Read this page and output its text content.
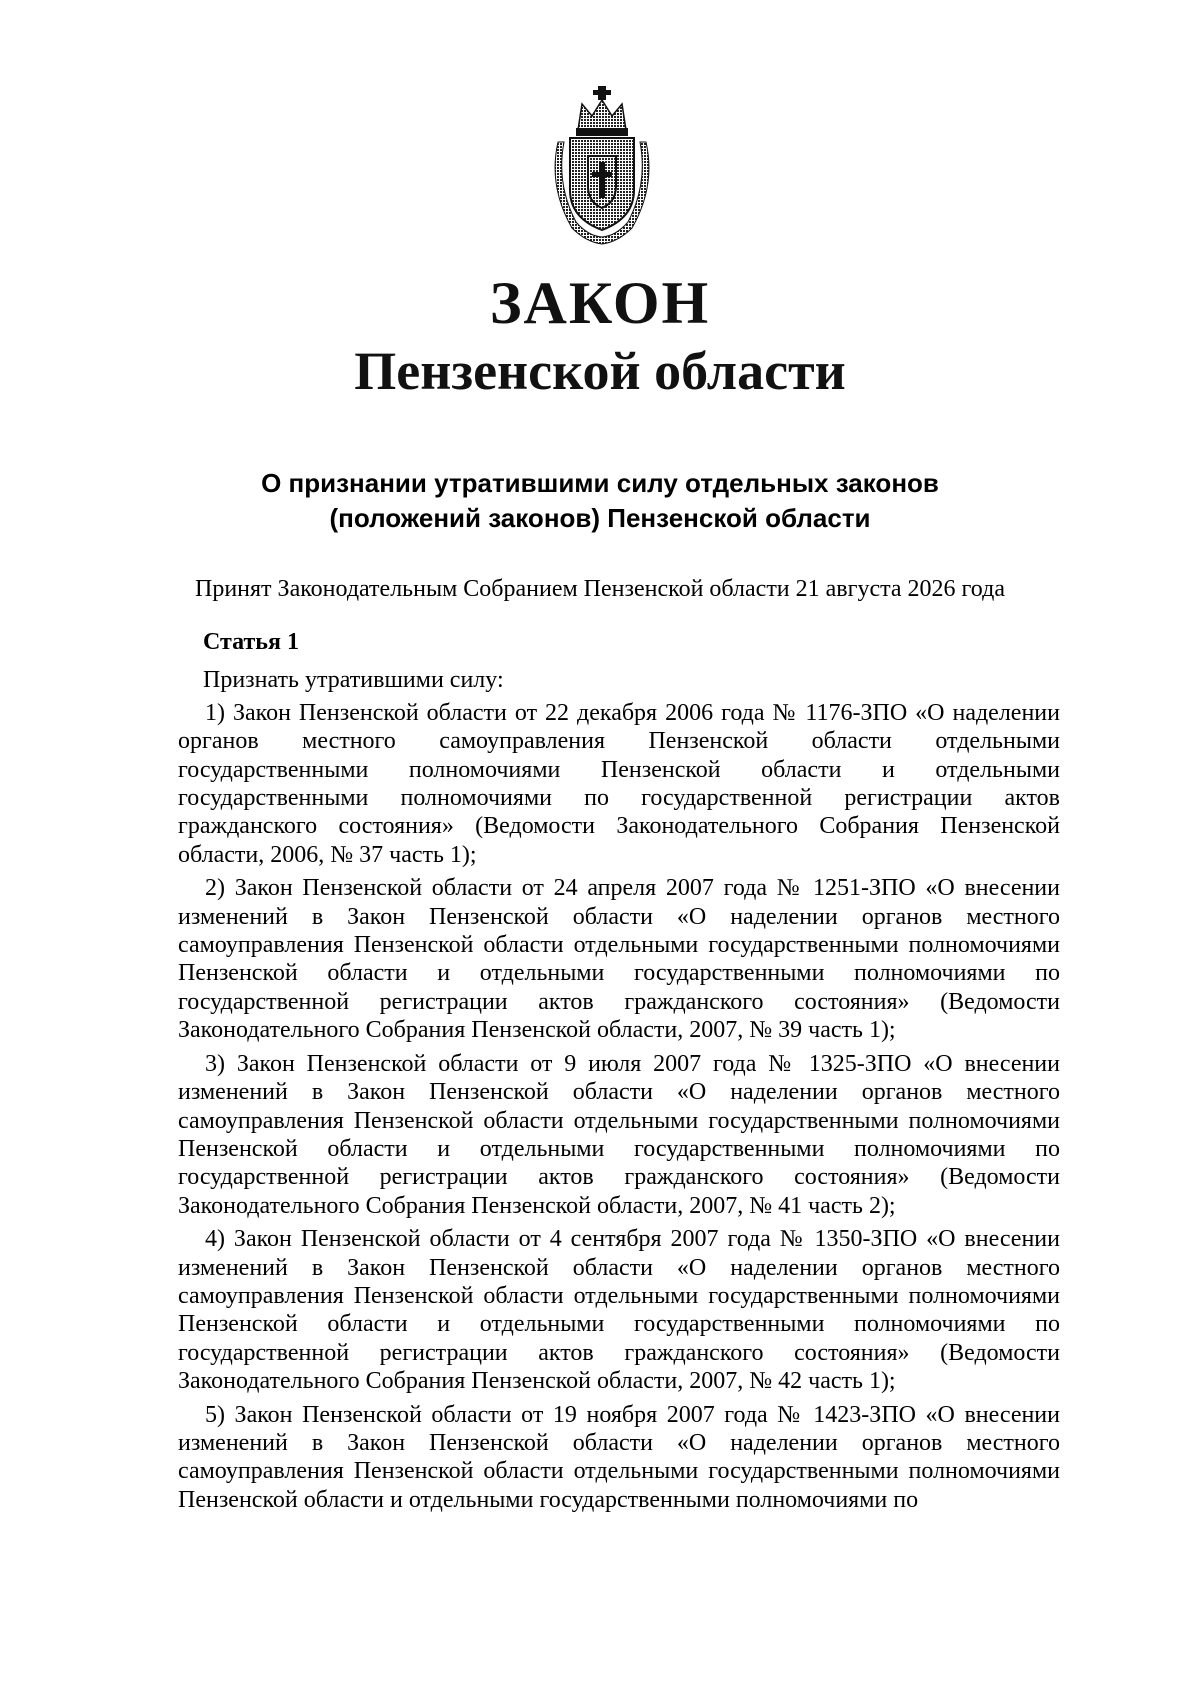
ЗАКОН
Пензенской области
О признании утратившими силу отдельных законов
(положений законов) Пензенской области
Принят Законодательным Собранием Пензенской области 21 августа 2026 года
Статья 1
Признать утратившими силу:

1) Закон Пензенской области от 22 декабря 2006 года № 1176-ЗПО «О наделении органов местного самоуправления Пензенской области отдельными государственными полномочиями Пензенской области и отдельными государственными полномочиями по государственной регистрации актов гражданского состояния» (Ведомости Законодательного Собрания Пензенской области, 2006, № 37 часть 1);

2) Закон Пензенской области от 24 апреля 2007 года № 1251-ЗПО «О внесении изменений в Закон Пензенской области «О наделении органов местного самоуправления Пензенской области отдельными государственными полномочиями Пензенской области и отдельными государственными полномочиями по государственной регистрации актов гражданского состояния» (Ведомости Законодательного Собрания Пензенской области, 2007, № 39 часть 1);

3) Закон Пензенской области от 9 июля 2007 года № 1325-ЗПО «О внесении изменений в Закон Пензенской области «О наделении органов местного самоуправления Пензенской области отдельными государственными полномочиями Пензенской области и отдельными государственными полномочиями по государственной регистрации актов гражданского состояния» (Ведомости Законодательного Собрания Пензенской области, 2007, № 41 часть 2);

4) Закон Пензенской области от 4 сентября 2007 года № 1350-ЗПО «О внесении изменений в Закон Пензенской области «О наделении органов местного самоуправления Пензенской области отдельными государственными полномочиями Пензенской области и отдельными государственными полномочиями по государственной регистрации актов гражданского состояния» (Ведомости Законодательного Собрания Пензенской области, 2007, № 42 часть 1);

5) Закон Пензенской области от 19 ноября 2007 года № 1423-ЗПО «О внесении изменений в Закон Пензенской области «О наделении органов местного самоуправления Пензенской области отдельными государственными полномочиями Пензенской области и отдельными государственными полномочиями по
